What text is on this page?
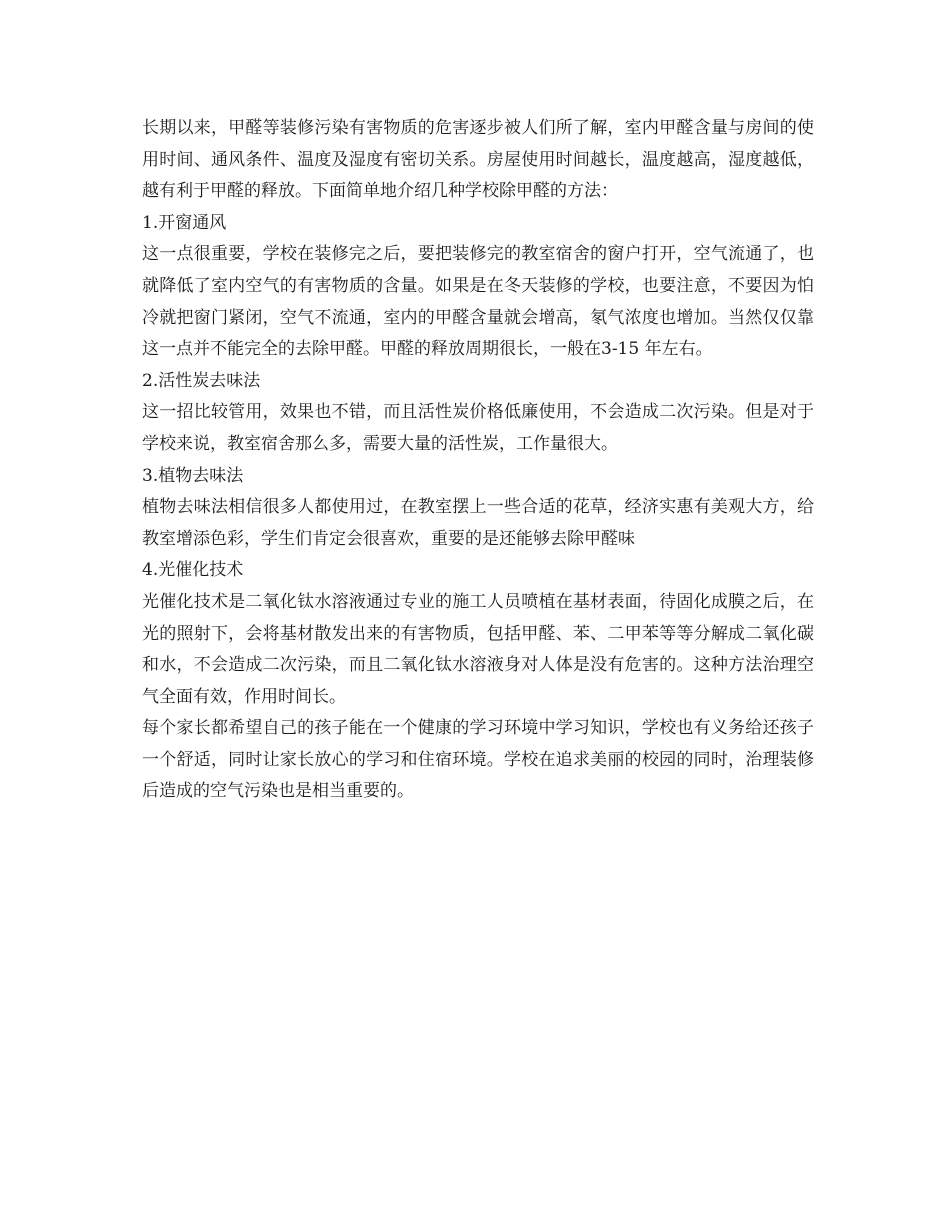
长期以来，甲醛等装修污染有害物质的危害逐步被人们所了解，室内甲醛含量与房间的使用时间、通风条件、温度及湿度有密切关系。房屋使用时间越长，温度越高，湿度越低，越有利于甲醛的释放。下面简单地介绍几种学校除甲醛的方法：

1.开窗通风

这一点很重要，学校在装修完之后，要把装修完的教室宿舍的窗户打开，空气流通了，也就降低了室内空气的有害物质的含量。如果是在冬天装修的学校，也要注意，不要因为怕冷就把窗门紧闭，空气不流通，室内的甲醛含量就会增高，氡气浓度也增加。当然仅仅靠这一点并不能完全的去除甲醛。甲醛的释放周期很长，一般在3-15 年左右。

2.活性炭去味法

这一招比较管用，效果也不错，而且活性炭价格低廉使用，不会造成二次污染。但是对于学校来说，教室宿舍那么多，需要大量的活性炭，工作量很大。

3.植物去味法

植物去味法相信很多人都使用过，在教室摆上一些合适的花草，经济实惠有美观大方，给教室增添色彩，学生们肯定会很喜欢，重要的是还能够去除甲醛味

4.光催化技术

光催化技术是二氧化钛水溶液通过专业的施工人员喷植在基材表面，待固化成膜之后，在光的照射下，会将基材散发出来的有害物质，包括甲醛、苯、二甲苯等等分解成二氧化碳和水，不会造成二次污染，而且二氧化钛水溶液身对人体是没有危害的。这种方法治理空气全面有效，作用时间长。

每个家长都希望自己的孩子能在一个健康的学习环境中学习知识，学校也有义务给还孩子一个舒适，同时让家长放心的学习和住宿环境。学校在追求美丽的校园的同时，治理装修后造成的空气污染也是相当重要的。
